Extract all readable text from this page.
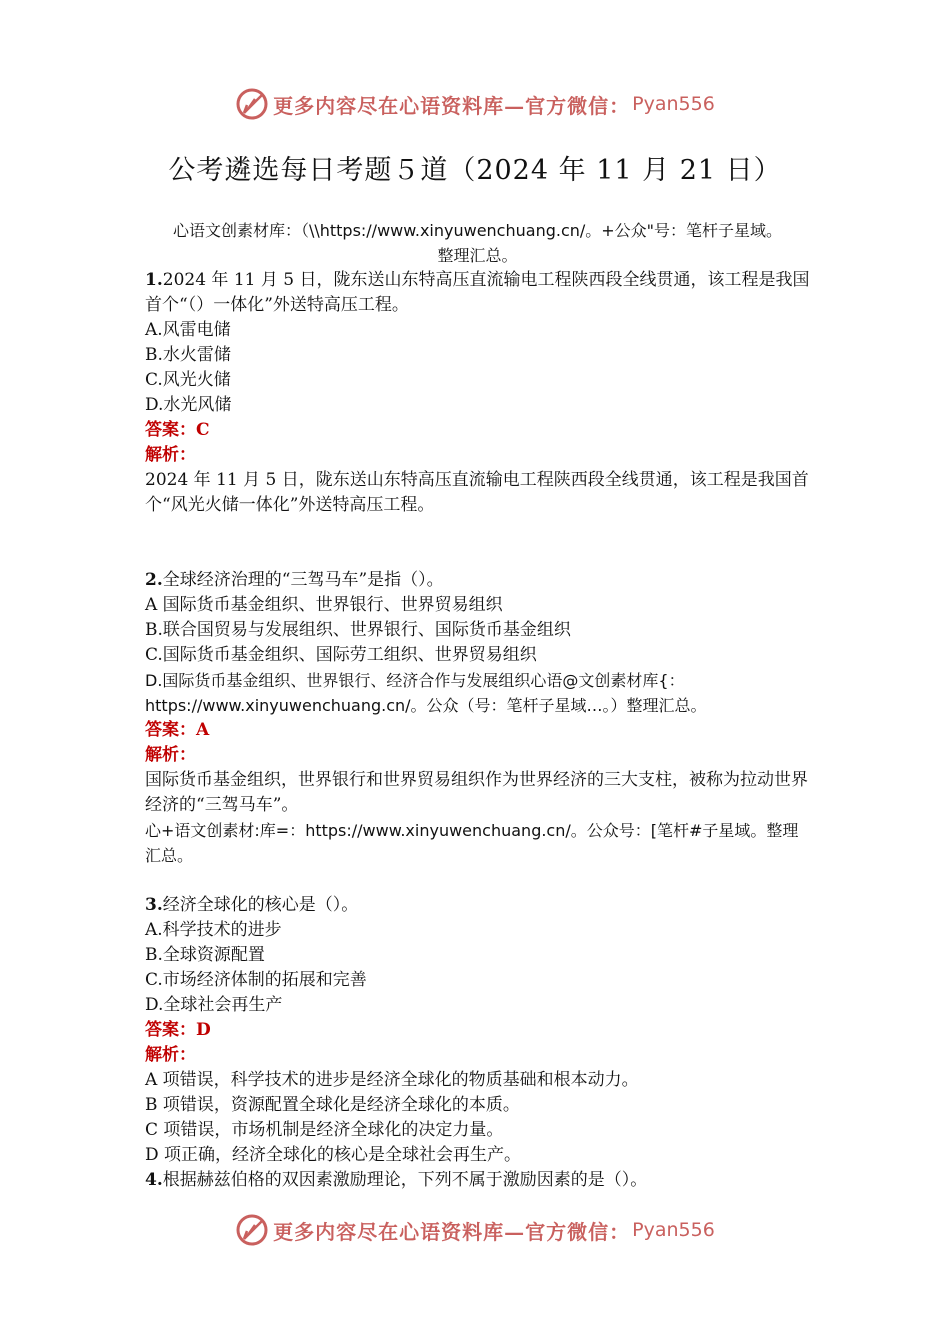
更多内容尽在心语资料库—官方微信： Pyan556
公考遴选每日考题５道（2024 年 11 月 21 日）
心语文创素材库：（\\https://www.xinyuwenchuang.cn/。+公众"号：笔杆子星域。
整理汇总。

1.2024 年 11 月 5 日，陇东送山东特高压直流输电工程陕西段全线贯通，该工程是我国首个“（）一体化”外送特高压工程。

A.风雷电储

B.水火雷储

C.风光火储

D.水光风储

答案：C

解析：

2024 年 11 月 5 日，陇东送山东特高压直流输电工程陕西段全线贯通，该工程是我国首个“风光火储一体化”外送特高压工程。

2.全球经济治理的“三驾马车”是指（）。

A 国际货币基金组织、世界银行、世界贸易组织

B.联合国贸易与发展组织、世界银行、国际货币基金组织

C.国际货币基金组织、国际劳工组织、世界贸易组织

D.国际货币基金组织、世界银行、经济合作与发展组织心语@文创素材库{：https://www.xinyuwenchuang.cn/。公众（号：笔杆子星域…。）整理汇总。

答案：A

解析：

国际货币基金组织，世界银行和世界贸易组织作为世界经济的三大支柱，被称为拉动世界经济的“三驾马车”。

心+语文创素材:库=：https://www.xinyuwenchuang.cn/。公众号：[笔杆#子星域。整理汇总。

3.经济全球化的核心是（）。

A.科学技术的进步

B.全球资源配置

C.市场经济体制的拓展和完善

D.全球社会再生产

答案：D

解析：

A 项错误，科学技术的进步是经济全球化的物质基础和根本动力。

B 项错误，资源配置全球化是经济全球化的本质。

C 项错误，市场机制是经济全球化的决定力量。

D 项正确，经济全球化的核心是全球社会再生产。

4.根据赫兹伯格的双因素激励理论，下列不属于激励因素的是（）。

更多内容尽在心语资料库—官方微信： Pyan556
